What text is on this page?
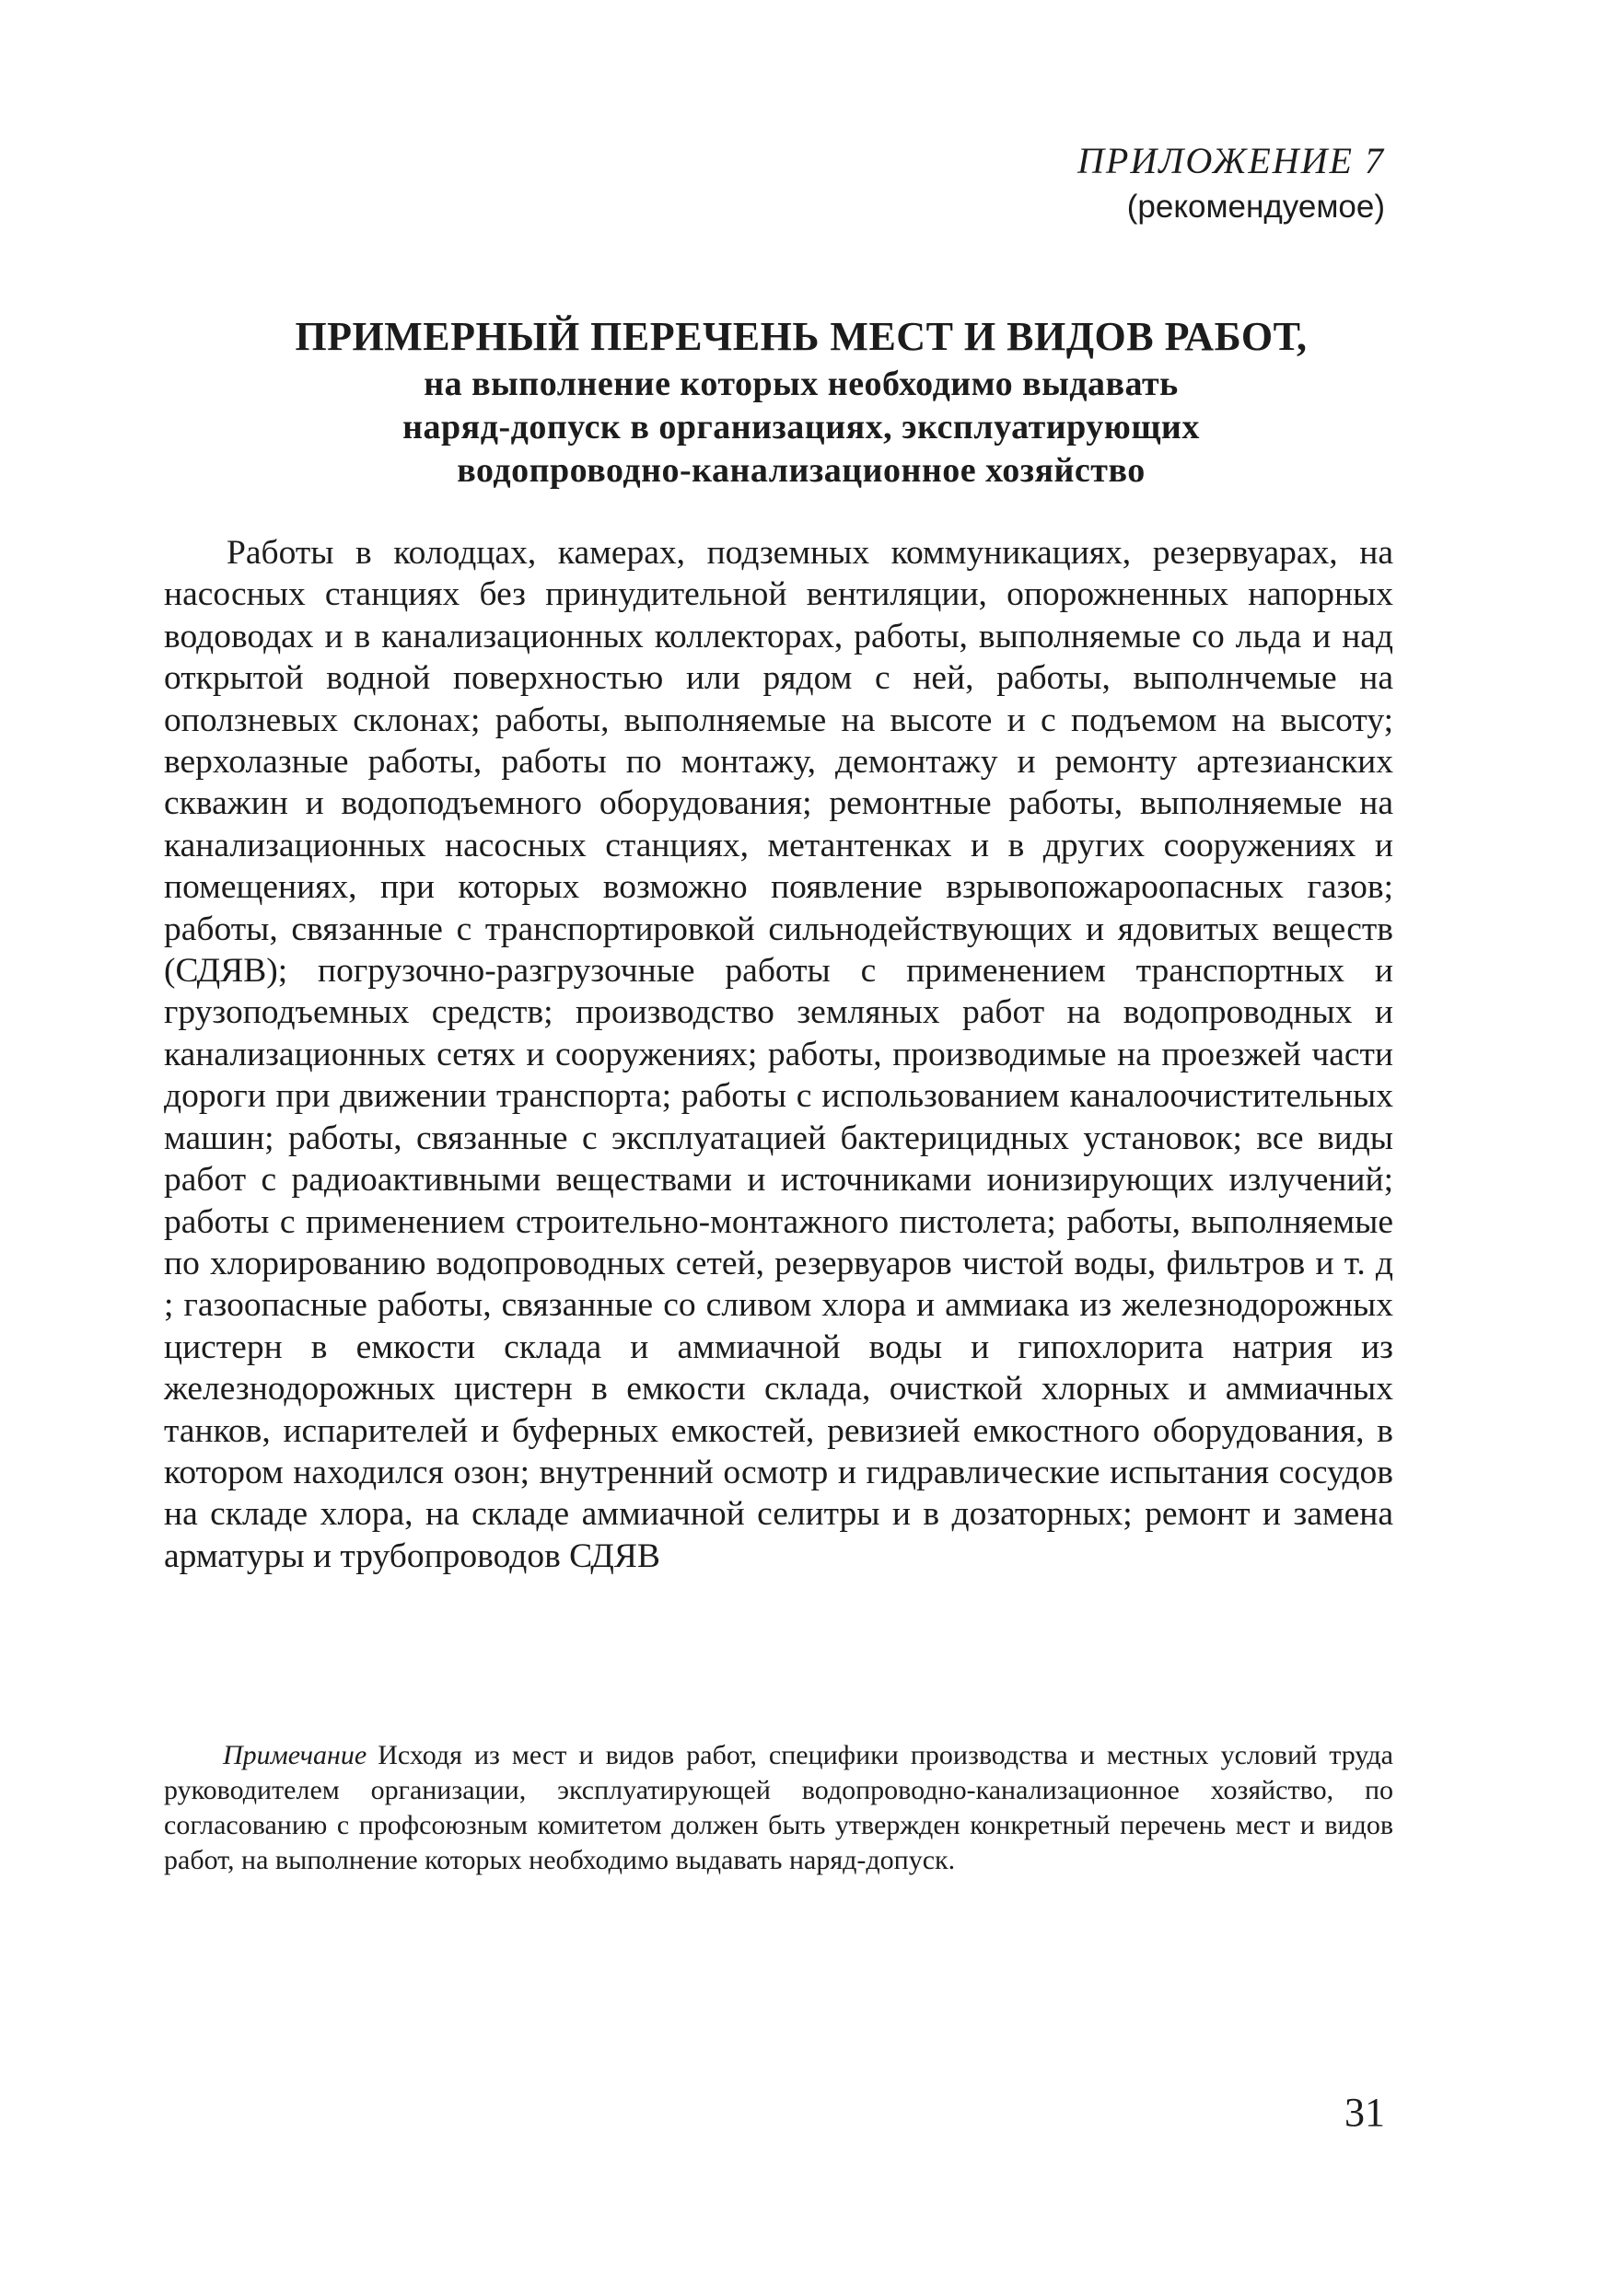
ПРИЛОЖЕНИЕ 7
(рекомендуемое)
ПРИМЕРНЫЙ ПЕРЕЧЕНЬ МЕСТ И ВИДОВ РАБОТ,
на выполнение которых необходимо выдавать
наряд-допуск в организациях, эксплуатирующих
водопроводно-канализационное хозяйство

Работы в колодцах, камерах, подземных коммуникациях, резервуарах, на насосных станциях без принудительной вентиляции, опорожненных напорных водоводах и в канализационных коллекторах, работы, выполняемые со льда и над открытой водной поверхностью или рядом с ней, работы, выполнчемые на оползневых склонах; работы, выполняемые на высоте и с подъемом на высоту; верхолазные работы, работы по монтажу, демонтажу и ремонту артезианских скважин и водоподъемного оборудования; ремонтные работы, выполняемые на канализационных насосных станциях, метантенках и в других сооружениях и помещениях, при которых возможно появление взрывопожароопасных газов; работы, связанные с транспортировкой сильнодействующих и ядовитых веществ (СДЯВ); погрузочно-разгрузочные работы с применением транспортных и грузоподъемных средств; производство земляных работ на водопроводных и канализационных сетях и сооружениях; работы, производимые на проезжей части дороги при движении транспорта; работы с использованием каналоочистительных машин; работы, связанные с эксплуатацией бактерицидных установок; все виды работ с радиоактивными веществами и источниками ионизирующих излучений; работы с применением строительно-монтажного пистолета; работы, выполняемые по хлорированию водопроводных сетей, резервуаров чистой воды, фильтров и т. д ; газоопасные работы, связанные со сливом хлора и аммиака из железнодорожных цистерн в емкости склада и аммиачной воды и гипохлорита натрия из железнодорожных цистерн в емкости склада, очисткой хлорных и аммиачных танков, испарителей и буферных емкостей, ревизией емкостного оборудования, в котором находился озон; внутренний осмотр и гидравлические испытания сосудов на складе хлора, на складе аммиачной селитры и в дозаторных; ремонт и замена арматуры и трубопроводов СДЯВ

Примечание Исходя из мест и видов работ, специфики производства и местных условий труда руководителем организации, эксплуатирующей водопроводно-канализационное хозяйство, по согласованию с профсоюзным комитетом должен быть утвержден конкретный перечень мест и видов работ, на выполнение которых необходимо выдавать наряд-допуск.

31
